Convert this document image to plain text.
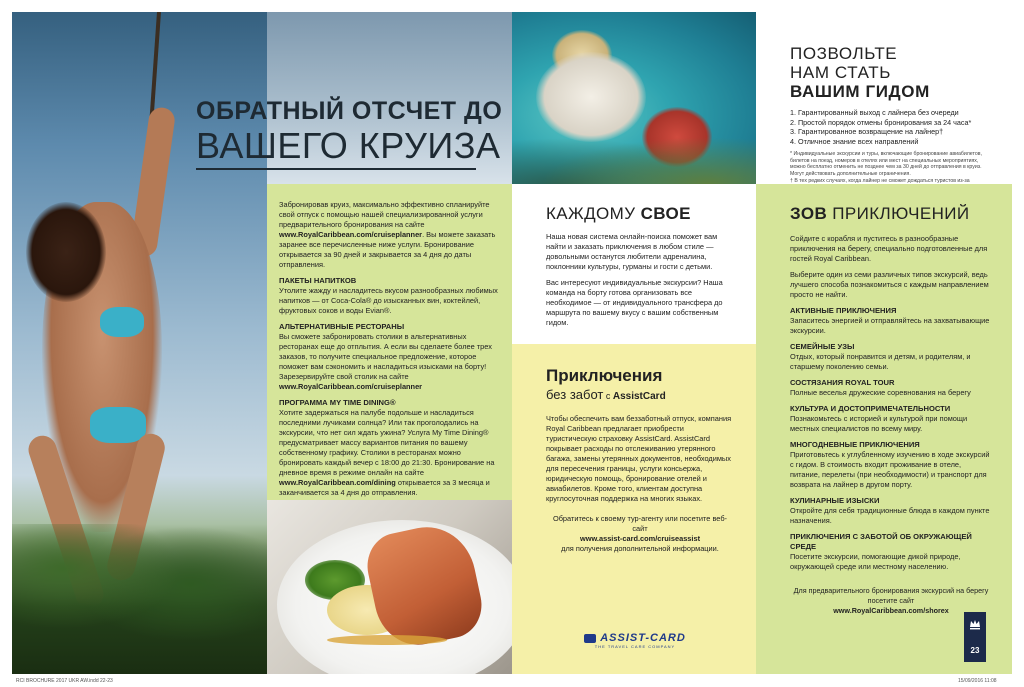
ОБРАТНЫЙ ОТСЧЕТ ДО
ВАШЕГО КРУИЗА

Забронировав круиз, максимально эффективно спланируйте свой отпуск с помощью нашей специализированной услуги предварительного бронирования на сайте www.RoyalCaribbean.com/cruiseplanner. Вы можете заказать заранее все перечисленные ниже услуги. Бронирование открывается за 90 дней и закрывается за 4 дня до даты отправления.

ПАКЕТЫ НАПИТКОВ

Утолите жажду и насладитесь вкусом разнообразных любимых напитков — от Coca-Cola® до изысканных вин, коктейлей, фруктовых соков и воды Evian®.

АЛЬТЕРНАТИВНЫЕ РЕСТОРАНЫ

Вы сможете забронировать столики в альтернативных ресторанах еще до отплытия. А если вы сделаете более трех заказов, то получите специальное предложение, которое поможет вам сэкономить и насладиться изысками на борту! Зарезервируйте свой столик на сайте www.RoyalCaribbean.com/cruiseplanner

ПРОГРАММА MY TIME DINING®

Хотите задержаться на палубе подольше и насладиться последними лучиками солнца? Или так проголодались на экскурсии, что нет сил ждать ужина? Услуга My Time Dining® предусматривает массу вариантов питания по вашему собственному графику. Столики в ресторанах можно бронировать каждый вечер с 18:00 до 21:30. Бронирование на дневное время в режиме онлайн на сайте www.RoyalCaribbean.com/dining открывается за 3 месяца и заканчивается за 4 дня до отправления.

ПОЗВОЛЬТЕ
НАМ СТАТЬ
ВАШИМ ГИДОМ
1. Гарантированный выход с лайнера без очереди
2. Простой порядок отмены бронирования за 24 часа*
3. Гарантированное возвращение на лайнер†
4. Отличное знание всех направлений

* Индивидуальные экскурсии и туры, включающие бронирование авиабилетов, билетов на поезд, номеров в отелях или мест на специальных мероприятиях, можно бесплатно отменить не позднее чем за 30 дней до отправления в круиз. Могут действовать дополнительные ограничения.

† В тех редких случаях, когда лайнер не сможет дождаться туристов из-за

КАЖДОМУ СВОЕ

Наша новая система онлайн-поиска поможет вам найти и заказать приключения в любом стиле — довольными останутся любители адреналина, поклонники культуры, гурманы и гости с детьми.

Вас интересуют индивидуальные экскурсии? Наша команда на борту готова организовать все необходимое — от индивидуального трансфера до маршрута по вашему вкусу с вашим собственным гидом.

Приключения
без забот с AssistCard

Чтобы обеспечить вам беззаботный отпуск, компания Royal Caribbean предлагает приобрести туристическую страховку AssistCard. AssistCard покрывает расходы по отслеживанию утерянного багажа, замены утерянных документов, необходимых для пересечения границы, услуги консьержа, юридическую помощь, бронирование отелей и авиабилетов. Кроме того, клиентам доступна круглосуточная поддержка на многих языках.

Обратитесь к своему тур-агенту или посетите веб-сайт
www.assist-card.com/cruiseassist
для получения дополнительной информации.
ASSIST-CARD
THE TRAVEL CARE COMPANY
ЗОВ ПРИКЛЮЧЕНИЙ

Сойдите с корабля и пуститесь в разнообразные приключения на берегу, специально подготовленные для гостей Royal Caribbean.

Выберите один из семи различных типов экскурсий, ведь лучшего способа познакомиться с каждым направлением просто не найти.

АКТИВНЫЕ ПРИКЛЮЧЕНИЯ

Запаситесь энергией и отправляйтесь на захватывающие экскурсии.

СЕМЕЙНЫЕ УЗЫ

Отдых, который понравится и детям, и родителям, и старшему поколению семьи.

СОСТЯЗАНИЯ ROYAL TOUR

Полные веселья дружеские соревнования на берегу

КУЛЬТУРА И ДОСТОПРИМЕЧАТЕЛЬНОСТИ

Познакомьтесь с историей и культурой при помощи местных специалистов по всему миру.

МНОГОДНЕВНЫЕ ПРИКЛЮЧЕНИЯ

Приготовьтесь к углубленному изучению в ходе экскурсий с гидом. В стоимость входит проживание в отеле, питание, перелеты (при необходимости) и транспорт для возврата на лайнер в другом порту.

КУЛИНАРНЫЕ ИЗЫСКИ

Откройте для себя традиционные блюда в каждом пункте назначения.

ПРИКЛЮЧЕНИЯ С ЗАБОТОЙ ОБ ОКРУЖАЮЩЕЙ СРЕДЕ

Посетите экскурсии, помогающие дикой природе, окружающей среде или местному населению.

Для предварительного бронирования экскурсий на берегу посетите сайт
www.RoyalCaribbean.com/shorex
23
RCI BROCHURE 2017 UKR AW.indd 22-23	15/09/2016 11:08
